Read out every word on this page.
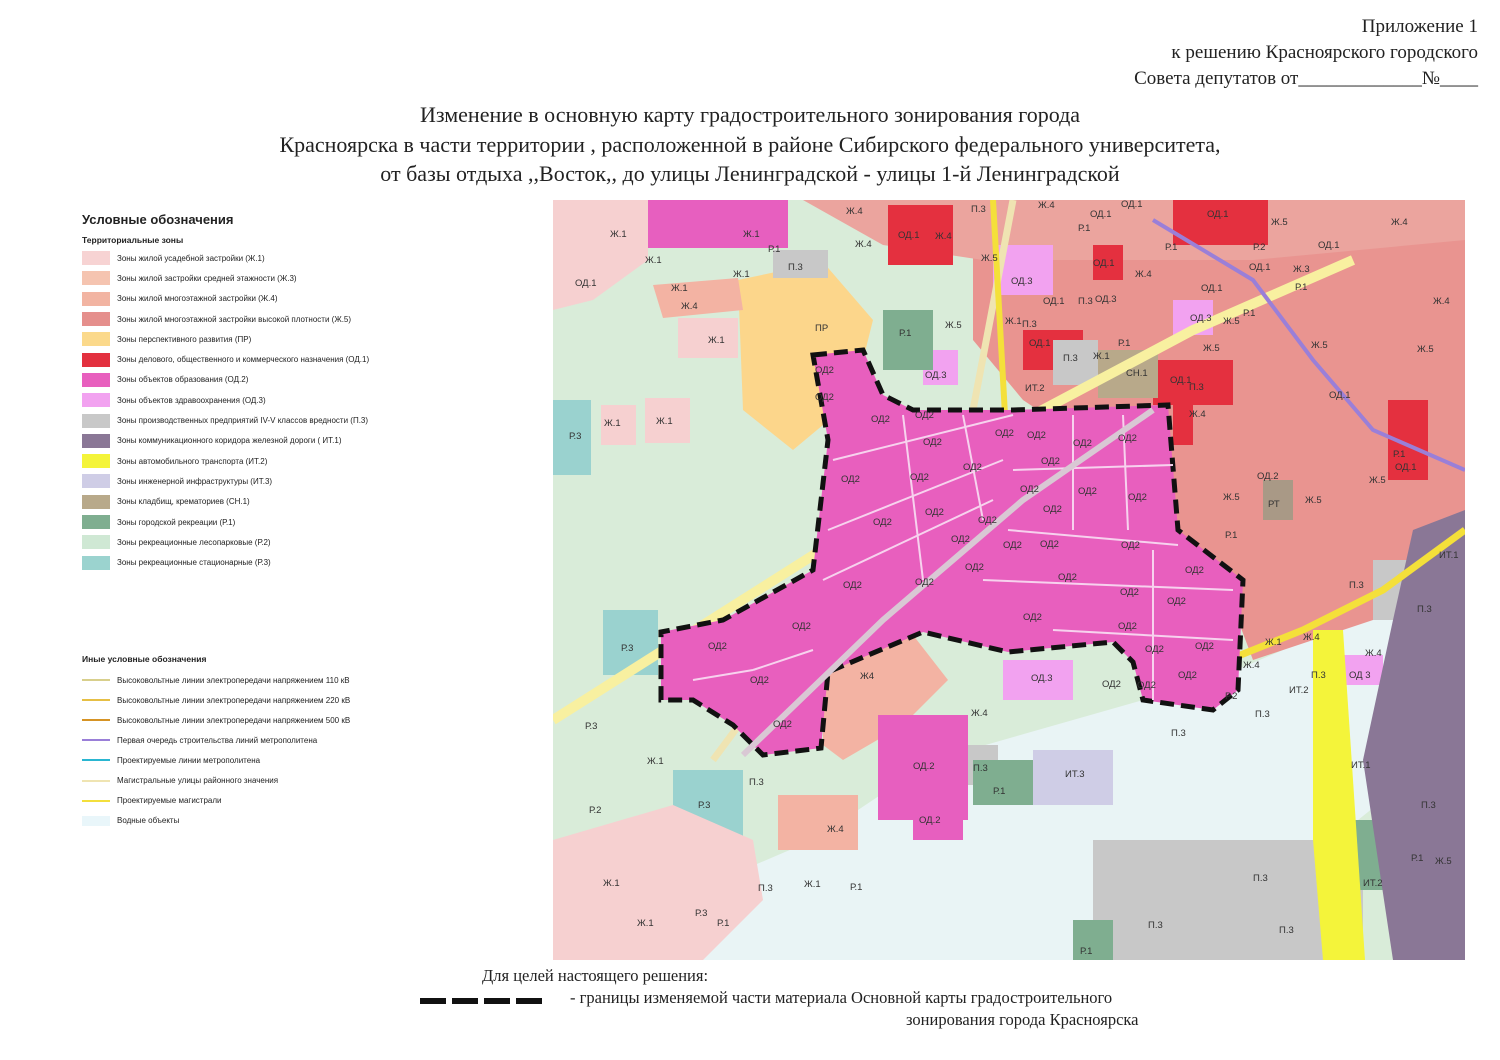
Приложение 1
к решению Красноярского городского
Совета депутатов от_____________№____
Изменение в основную карту градостроительного зонирования города
Красноярска в части территории , расположенной в районе Сибирского федерального университета,
от базы отдыха ,,Восток,, до улицы Ленинградской - улицы 1-й Ленинградской
Условные обозначения
Территориальные зоны
Зоны жилой усадебной застройки (Ж.1)
Зоны жилой застройки средней этажности (Ж.3)
Зоны жилой многоэтажной застройки (Ж.4)
Зоны жилой многоэтажной застройки высокой плотности (Ж.5)
Зоны перспективного развития (ПР)
Зоны делового, общественного и коммерческого назначения (ОД.1)
Зоны объектов образования (ОД.2)
Зоны объектов здравоохранения (ОД.3)
Зоны производственных предприятий IV-V классов вредности (П.3)
Зоны коммуникационного коридора железной дороги ( ИТ.1)
Зоны автомобильного транспорта (ИТ.2)
Зоны инженерной инфраструктуры (ИТ.3)
Зоны кладбищ, крематориев (СН.1)
Зоны городской рекреации (Р.1)
Зоны рекреационные лесопарковые (Р.2)
Зоны рекреационные стационарные (Р.3)
Иные условные обозначения
Высоковольтные линии электропередачи напряжением 110 кВ
Высоковольтные линии электропередачи напряжением 220 кВ
Высоковольтные линии электропередачи напряжением 500 кВ
Первая очередь строительства линий метрополитена
Проектируемые линии метрополитена
Магистральные улицы районного значения
Проектируемые магистрали
Водные объекты
ОД2
ОД2
ОД2
ОД2
ОД2
ОД2
ОД2
ОД2	ОД2
ОД2
ОД2	ОД2
ОД2
ОД2	ОД2
ОД2
ОД2
ОД2
ОД2
ОД2
ОД2
ОД2 ОД2	ОД2
ОД2
ОД2
ОД2
ОД2	ОД2
ОД2
ОД2
ОД2
ОД2
ОД2
ОД2	ОД2	ОД2
ОД2	ОД2
ОД2 ОД2
ОД2
Ж4
Ж.1	Ж.1
Ж.1
Ж.1
Ж.1
Ж.4
Ж.1
ОД.1
ПР
П.3
Р.1
Ж.4
Ж.4
ОД.1 Ж.4
П.3
Ж.5
ОД.3
Ж.4
ОД.1
ОД.1
Р.1
ОД.1
Ж.4
ОД.1 П.3 ОД.3
Ж.5
Р.1
Ж.1 П.3
ОД.1
П.3 Ж.1
Р.1
СН.1
ИТ.2
ОД.3
ОД.1
Р.1	Р.2
Ж.5
ОД.1
Ж.4
ОД.1 Ж.3
Р.1
ОД.1
Ж.4
Р.1
Ж.5
ОД.3
Ж.5	Ж.5
Ж.5
ОД.1
П.3
ОД.1
Ж.4
Р.1
ОД.1
ОД.2	Ж.5
Ж.5
РТ	Ж.5
Р.1
ИТ.1
П.3
П.3
Ж.1 Ж.4
Ж.4
Ж.4
П.3 ОД 3
ИТ.2
Р.2
П.3
П.3
ИТ.1
П.3
Р.1 Ж.5
ИТ.2
П.3
П.3
П.3
Р.1
ОД.3
Ж.4
ОД.2	П.3
ИТ.3
Р.1
ОД.2
Ж.4
П.3
Р.3
Ж.1
Р.2
Р.3
Р.3
Р.3
Ж.1	Ж.1
Ж.1
Ж.1
Р.3
Р.1
П.3	Ж.1	Р.1
Для целей настоящего решения:
- границы изменяемой части материала Основной карты градостроительного
зонирования города Красноярска
